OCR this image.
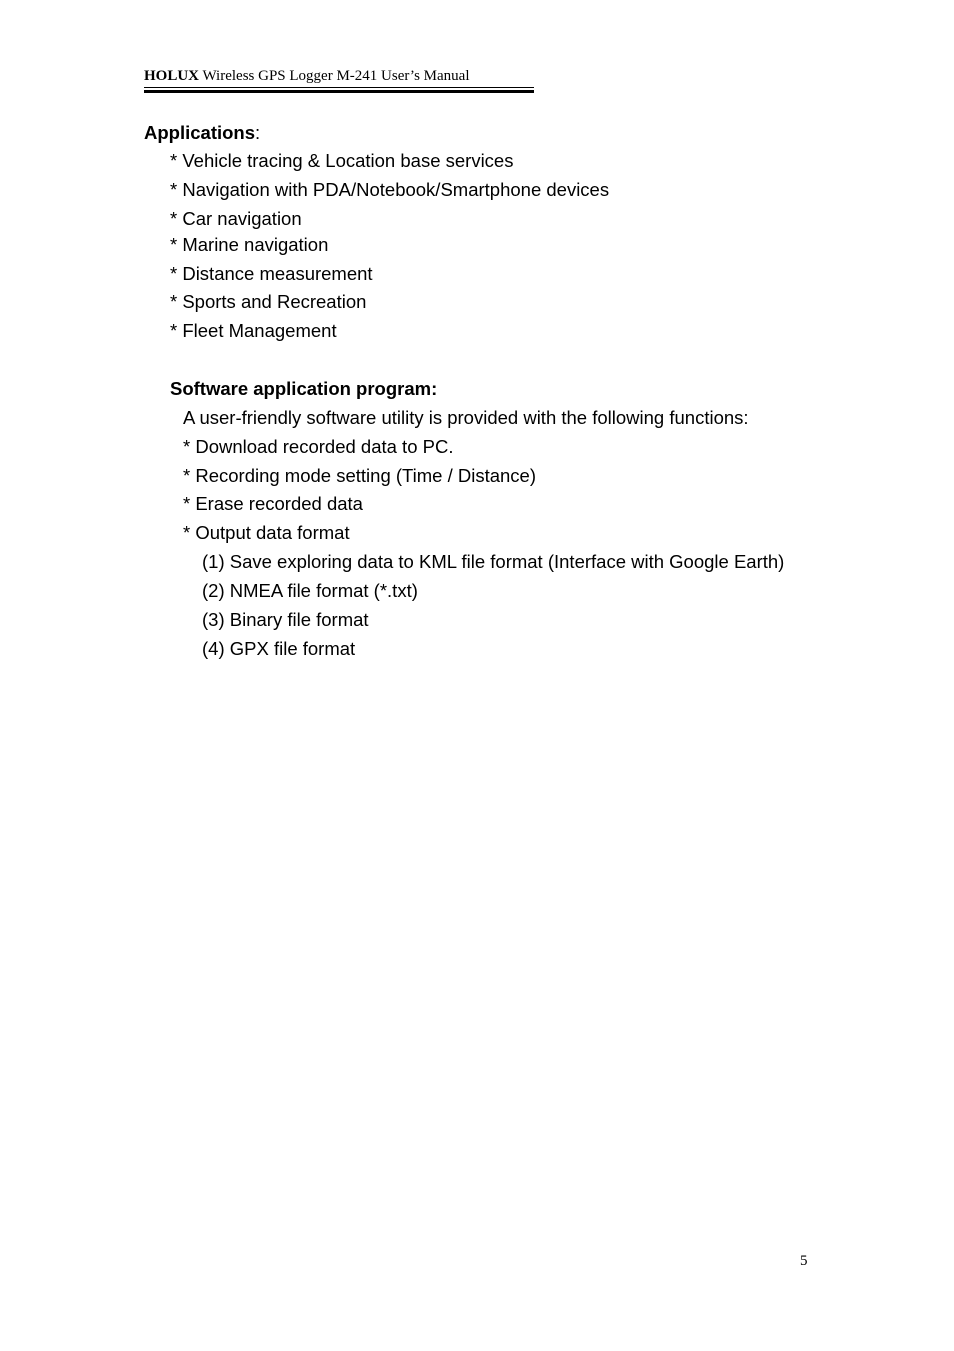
HOLUX Wireless GPS Logger M-241 User’s Manual
Applications:
* Vehicle tracing & Location base services
* Navigation with PDA/Notebook/Smartphone devices
* Car navigation
* Marine navigation
* Distance measurement
* Sports and Recreation
* Fleet Management
Software application program:
A user-friendly software utility is provided with the following functions:
* Download recorded data to PC.
* Recording mode setting (Time / Distance)
* Erase recorded data
* Output data format
(1) Save exploring data to KML file format (Interface with Google Earth)
(2) NMEA file format (*.txt)
(3) Binary file format
(4) GPX file format
5
